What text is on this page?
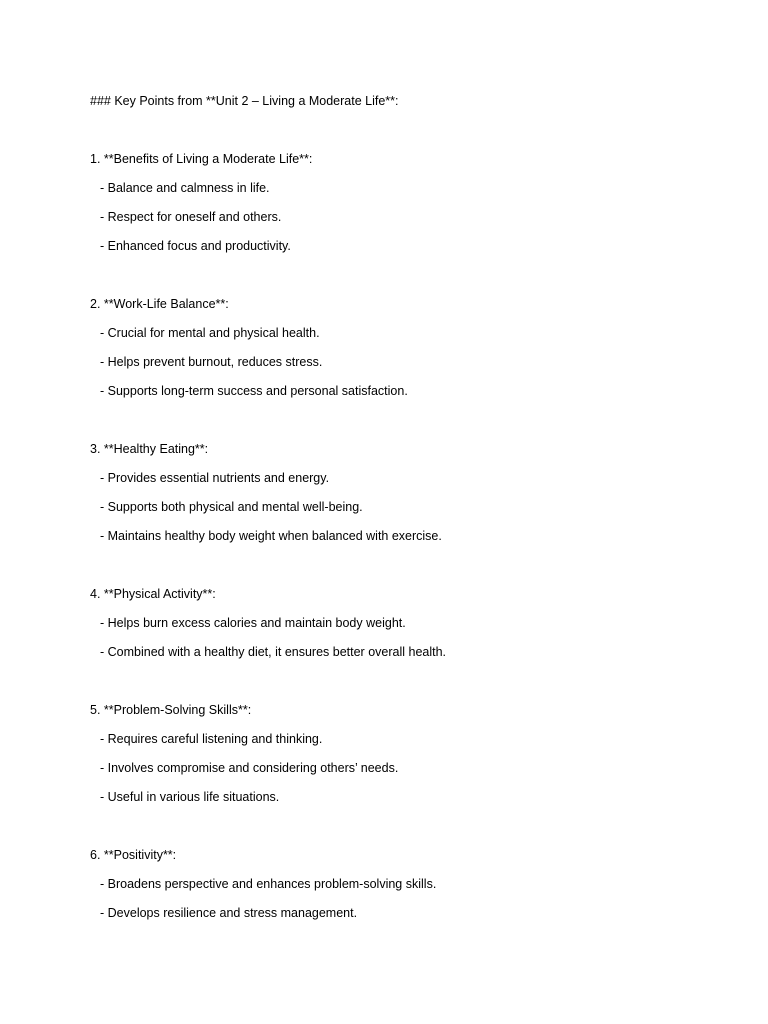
### Key Points from **Unit 2 – Living a Moderate Life**:
1. **Benefits of Living a Moderate Life**:
- Balance and calmness in life.
- Respect for oneself and others.
- Enhanced focus and productivity.
2. **Work-Life Balance**:
- Crucial for mental and physical health.
- Helps prevent burnout, reduces stress.
- Supports long-term success and personal satisfaction.
3. **Healthy Eating**:
- Provides essential nutrients and energy.
- Supports both physical and mental well-being.
- Maintains healthy body weight when balanced with exercise.
4. **Physical Activity**:
- Helps burn excess calories and maintain body weight.
- Combined with a healthy diet, it ensures better overall health.
5. **Problem-Solving Skills**:
- Requires careful listening and thinking.
- Involves compromise and considering others’ needs.
- Useful in various life situations.
6. **Positivity**:
- Broadens perspective and enhances problem-solving skills.
- Develops resilience and stress management.
